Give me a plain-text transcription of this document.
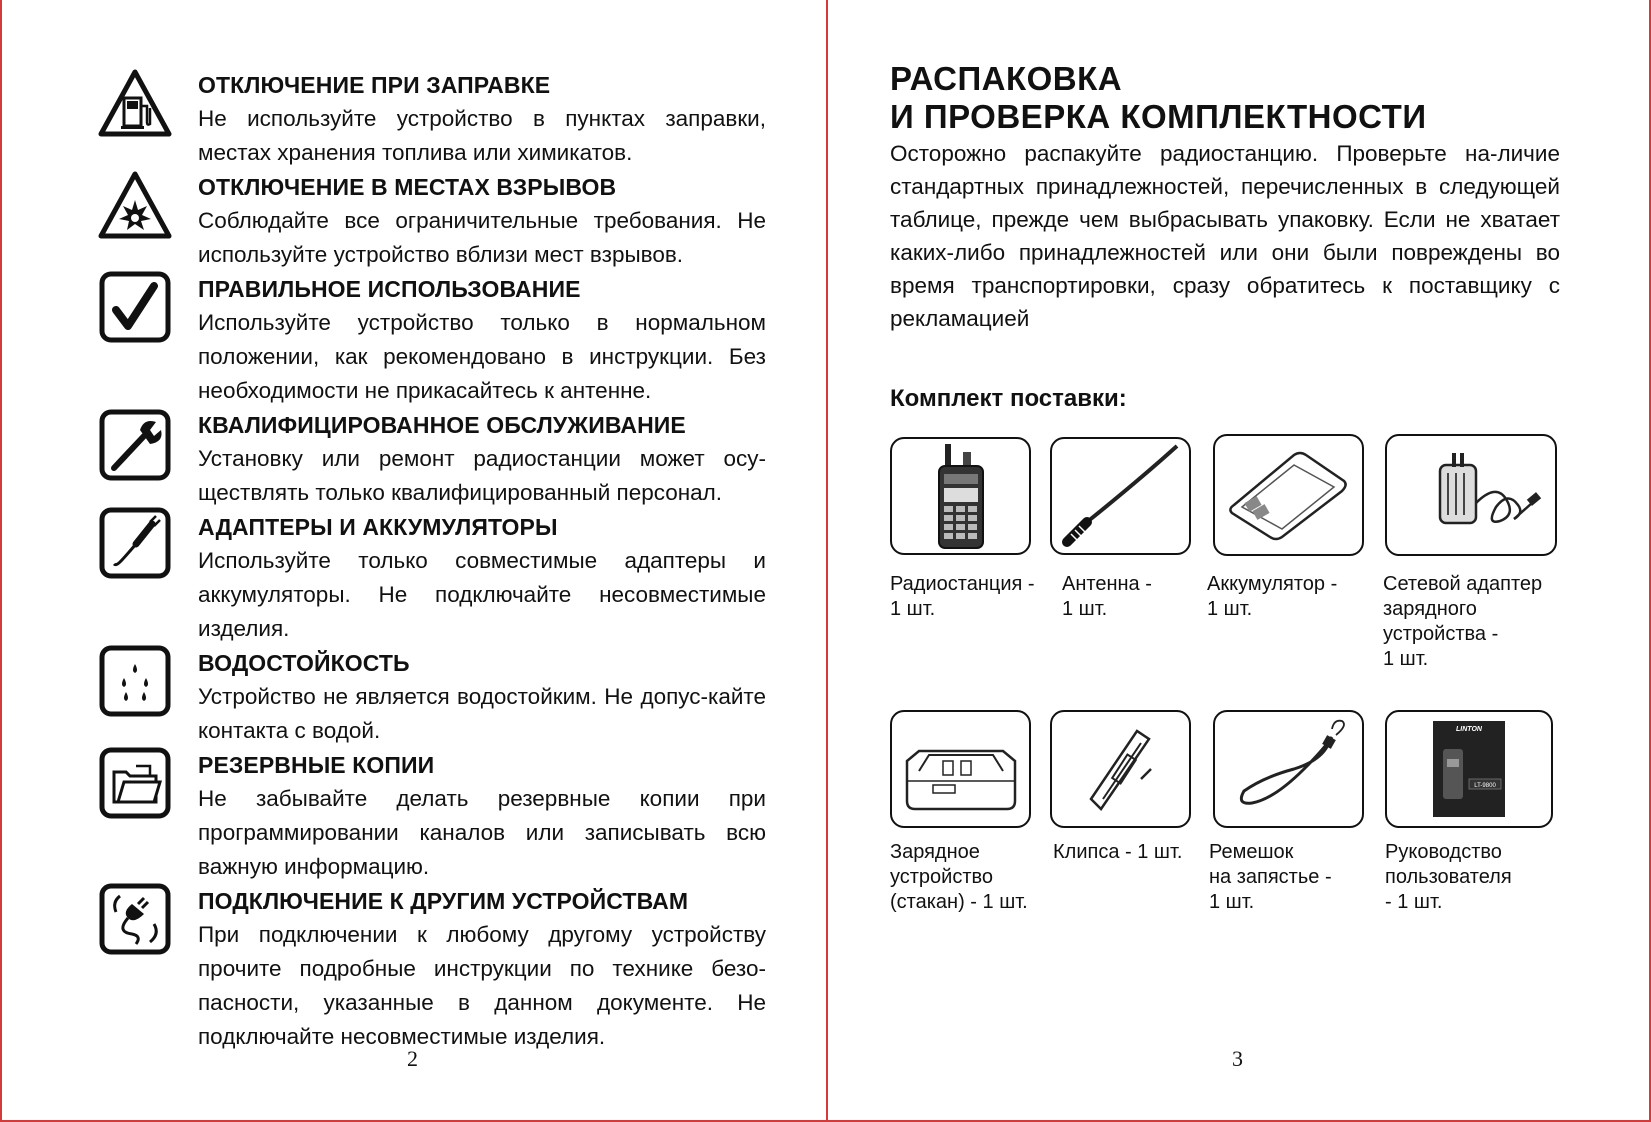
ОТКЛЮЧЕНИЕ ПРИ ЗАПРАВКЕ
Не используйте устройство в пунктах заправки, местах хранения топлива или химикатов.
ОТКЛЮЧЕНИЕ В МЕСТАХ ВЗРЫВОВ
Соблюдайте все ограничительные требования. Не используйте устройство вблизи мест взрывов.
ПРАВИЛЬНОЕ ИСПОЛЬЗОВАНИЕ
Используйте устройство только в нормальном положении, как рекомендовано в инструкции. Без необходимости не прикасайтесь к антенне.
КВАЛИФИЦИРОВАННОЕ ОБСЛУЖИВАНИЕ
Установку или ремонт радиостанции может осу-ществлять только квалифицированный персонал.
АДАПТЕРЫ И АККУМУЛЯТОРЫ
Используйте только совместимые адаптеры и аккумуляторы. Не подключайте несовместимые изделия.
ВОДОСТОЙКОСТЬ
Устройство не является водостойким. Не допус-кайте контакта с водой.
РЕЗЕРВНЫЕ КОПИИ
Не забывайте делать резервные копии при программировании каналов или записывать всю важную информацию.
ПОДКЛЮЧЕНИЕ К ДРУГИМ УСТРОЙСТВАМ
При подключении к любому другому устройству прочите подробные инструкции по технике безо-пасности, указанные в данном документе. Не подключайте несовместимые изделия.
2
РАСПАКОВКА
И ПРОВЕРКА КОМПЛЕКТНОСТИ
Осторожно распакуйте радиостанцию. Проверьте на-личие стандартных принадлежностей, перечисленных в следующей таблице, прежде чем выбрасывать упаковку. Если не хватает каких-либо принадлежностей или они были повреждены во время транспортировки, сразу обратитесь к поставщику с рекламацией
Комплект поставки:
Радиостанция -
1 шт.
Антенна -
1 шт.
Аккумулятор -
1 шт.
Сетевой адаптер
зарядного
устройства -
1 шт.
LINTON
LT-9800
Зарядное
устройство
(стакан) - 1 шт.
Клипса - 1 шт. Ремешок
на запястье -
1 шт.
Руководство
пользователя
- 1 шт.
3
